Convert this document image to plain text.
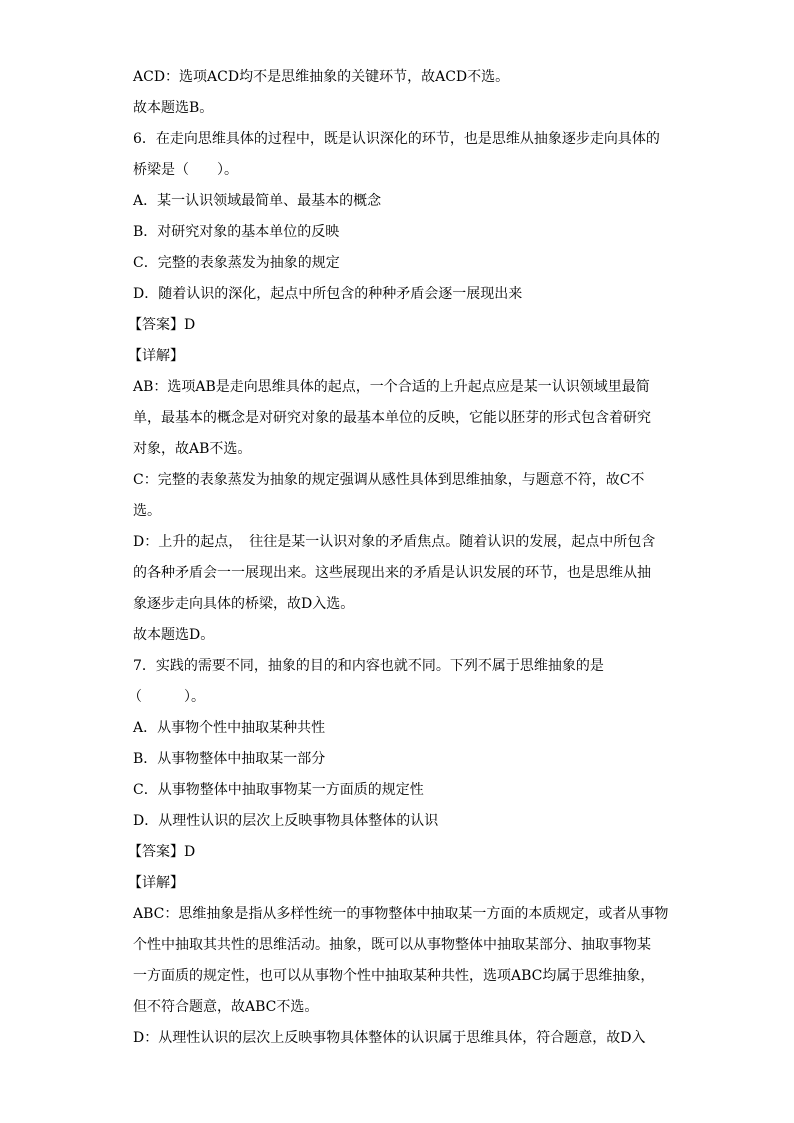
ACD：选项ACD均不是思维抽象的关键环节，故ACD不选。
故本题选B。
6．在走向思维具体的过程中，既是认识深化的环节，也是思维从抽象逐步走向具体的
桥梁是（　　）。
A．某一认识领域最简单、最基本的概念
B．对研究对象的基本单位的反映
C．完整的表象蒸发为抽象的规定
D．随着认识的深化，起点中所包含的种种矛盾会逐一展现出来
【答案】D
【详解】
AB：选项AB是走向思维具体的起点，一个合适的上升起点应是某一认识领域里最简
单，最基本的概念是对研究对象的最基本单位的反映，它能以胚芽的形式包含着研究
对象，故AB不选。
C：完整的表象蒸发为抽象的规定强调从感性具体到思维抽象，与题意不符，故C不
选。
D：上升的起点，　往往是某一认识对象的矛盾焦点。随着认识的发展，起点中所包含
的各种矛盾会一一展现出来。这些展现出来的矛盾是认识发展的环节，也是思维从抽
象逐步走向具体的桥梁，故D入选。
故本题选D。
7．实践的需要不同，抽象的目的和内容也就不同。下列不属于思维抽象的是
（　　　）。
A．从事物个性中抽取某种共性
B．从事物整体中抽取某一部分
C．从事物整体中抽取事物某一方面质的规定性
D．从理性认识的层次上反映事物具体整体的认识
【答案】D
【详解】
ABC：思维抽象是指从多样性统一的事物整体中抽取某一方面的本质规定，或者从事物
个性中抽取其共性的思维活动。抽象，既可以从事物整体中抽取某部分、抽取事物某
一方面质的规定性，也可以从事物个性中抽取某种共性，选项ABC均属于思维抽象，
但不符合题意，故ABC不选。
D：从理性认识的层次上反映事物具体整体的认识属于思维具体，符合题意，故D入
